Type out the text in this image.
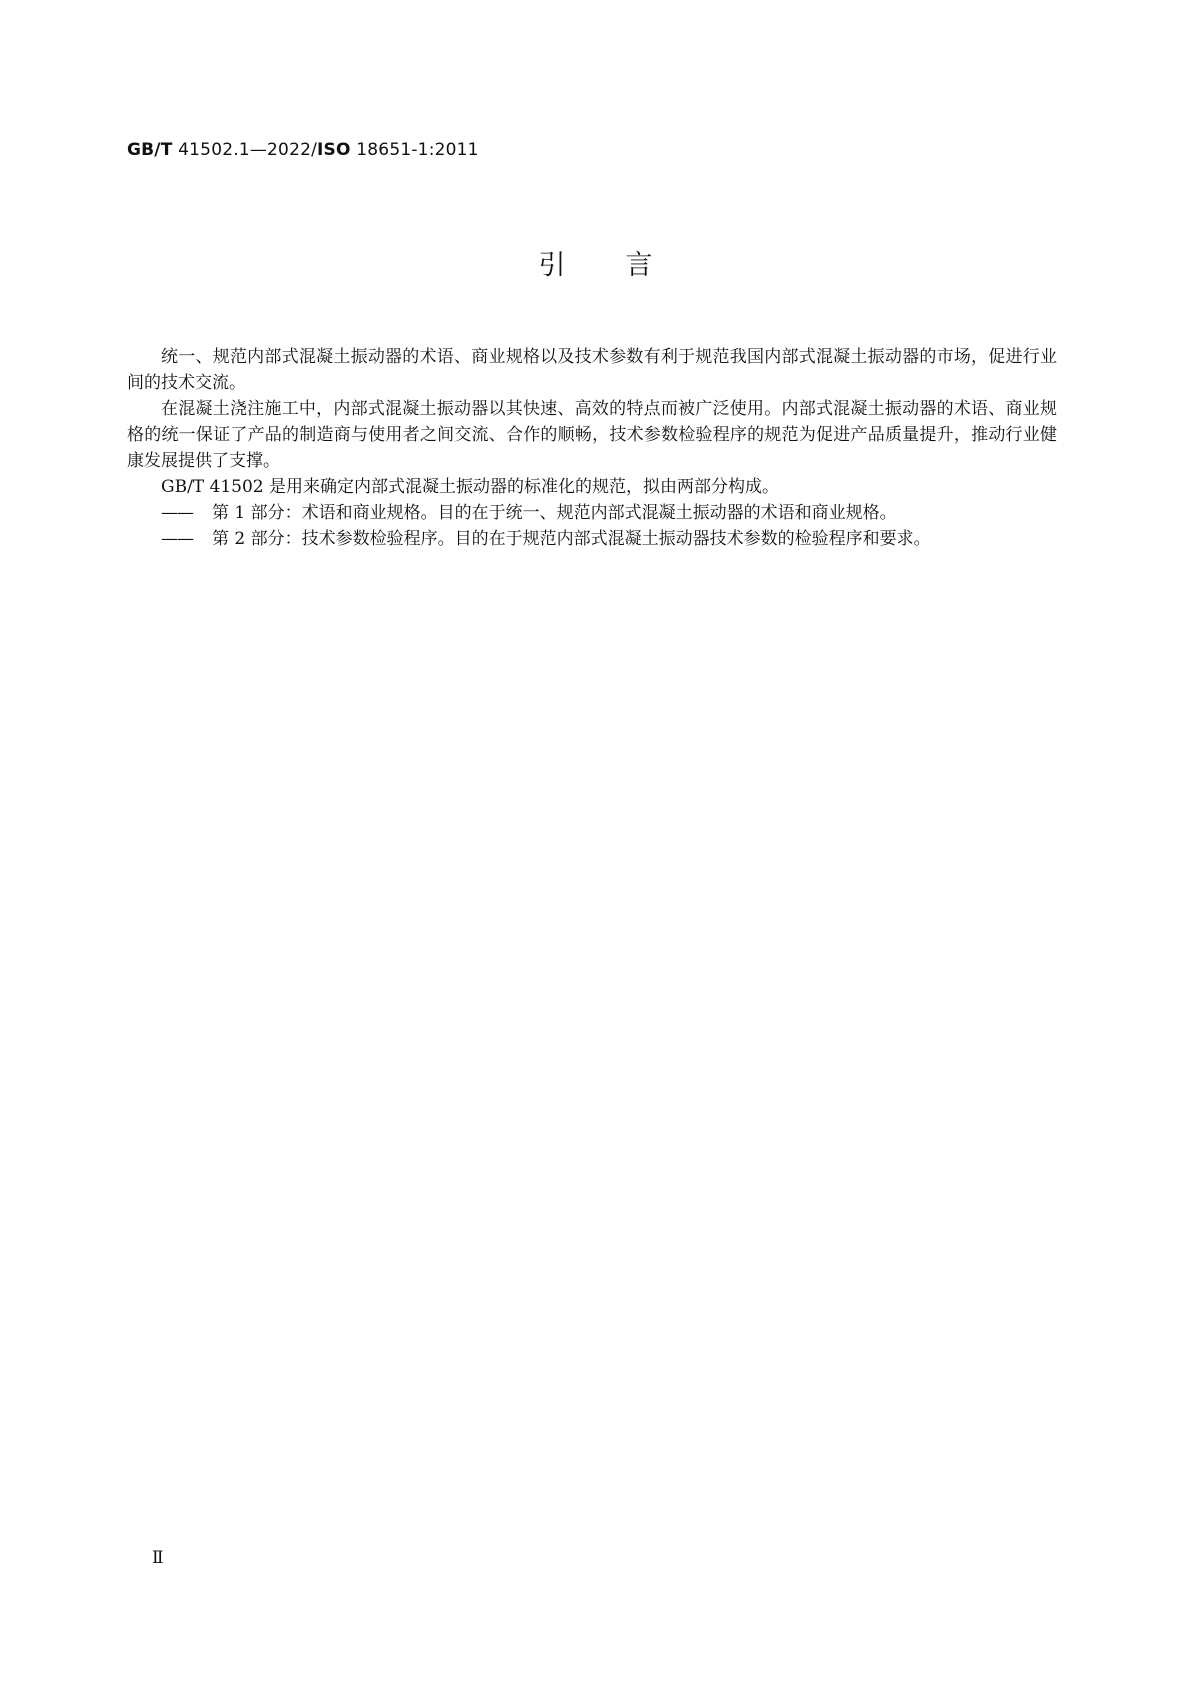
GB/T 41502.1—2022/ISO 18651-1:2011
引言

统一、规范内部式混凝土振动器的术语、商业规格以及技术参数有利于规范我国内部式混凝土振动器的市场，促进行业间的技术交流。

在混凝土浇注施工中，内部式混凝土振动器以其快速、高效的特点而被广泛使用。内部式混凝土振动器的术语、商业规格的统一保证了产品的制造商与使用者之间交流、合作的顺畅，技术参数检验程序的规范为促进产品质量提升，推动行业健康发展提供了支撑。

GB/T 41502 是用来确定内部式混凝土振动器的标准化的规范，拟由两部分构成。

——	第 1 部分：术语和商业规格。目的在于统一、规范内部式混凝土振动器的术语和商业规格。
——	第 2 部分：技术参数检验程序。目的在于规范内部式混凝土振动器技术参数的检验程序和要求。
Ⅱ
